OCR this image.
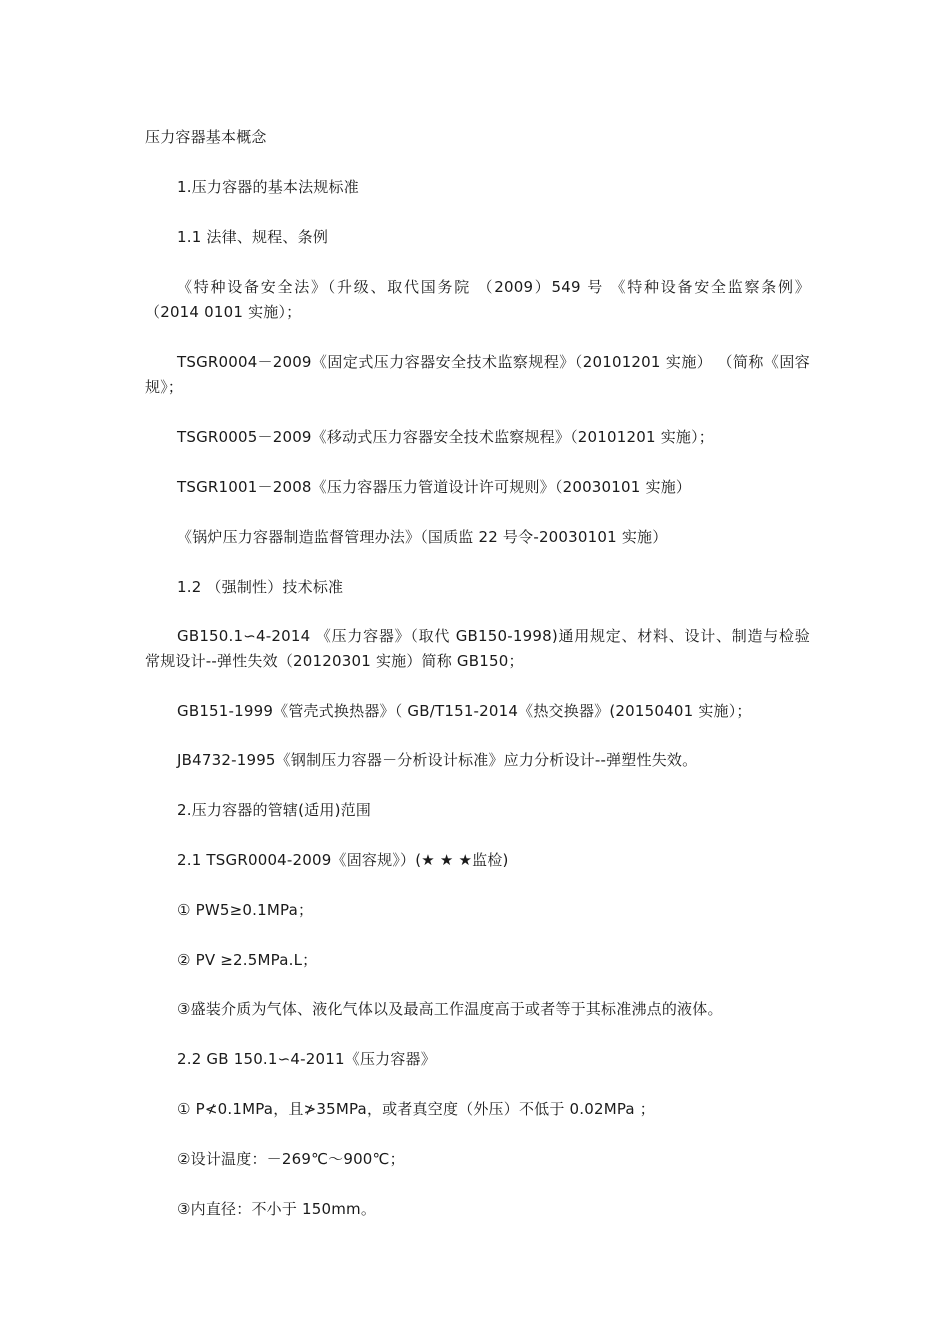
压力容器基本概念
1.压力容器的基本法规标准
1.1 法律、规程、条例
《特种设备安全法》（升级、取代国务院 （2009）549 号 《特种设备安全监察条例》 （2014 0101 实施）；
TSGR0004－2009《固定式压力容器安全技术监察规程》（20101201 实施） （简称《固容规》；
TSGR0005－2009《移动式压力容器安全技术监察规程》（20101201 实施）；
TSGR1001－2008《压力容器压力管道设计许可规则》（20030101 实施）
《锅炉压力容器制造监督管理办法》（国质监 22 号令-20030101 实施）
1.2 （强制性）技术标准
GB150.1∽4-2014 《压力容器》（取代 GB150-1998)通用规定、材料、设计、制造与检验 常规设计--弹性失效（20120301 实施）简称 GB150；
GB151-1999《管壳式换热器》（ GB/T151-2014《热交换器》(20150401 实施）；
JB4732-1995《钢制压力容器－分析设计标准》应力分析设计--弹塑性失效。
2.压力容器的管辖(适用)范围
2.1 TSGR0004-2009《固容规》）(★ ★ ★监检)
① PW5≥0.1MPa；
② PV ≥2.5MPa.L；
③盛装介质为气体、液化气体以及最高工作温度高于或者等于其标准沸点的液体。
2.2 GB 150.1∽4-2011《压力容器》
① P≮0.1MPa，且≯35MPa，或者真空度（外压）不低于 0.02MPa ；
②设计温度：－269℃～900℃；
③内直径：不小于 150mm。
